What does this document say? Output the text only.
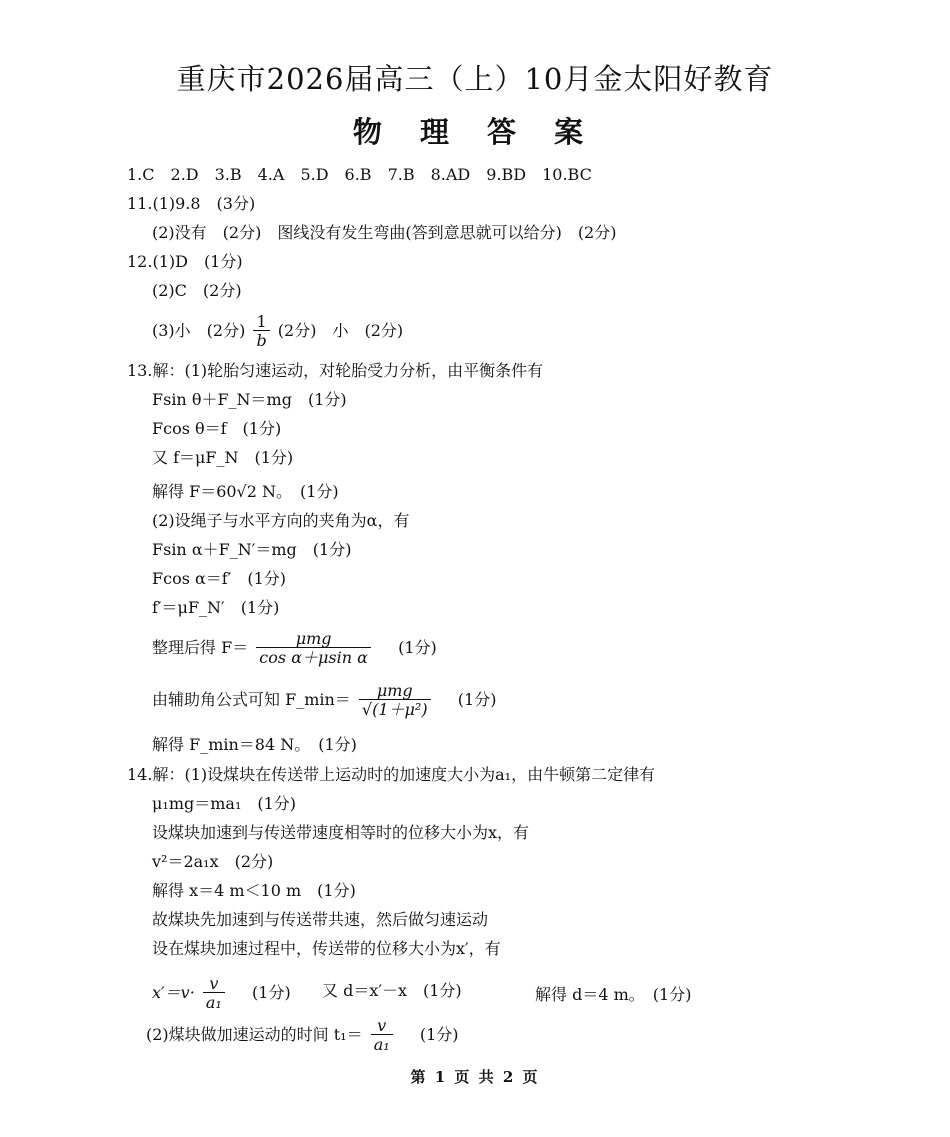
重庆市2026届高三（上）10月金太阳好教育
物 理 答 案
1.C　2.D　3.B　4.A　5.D　6.B　7.B　8.AD　9.BD　10.BC
11.(1)9.8　(3分)
(2)没有　(2分)　图线没有发生弯曲(答到意思就可以给分)　(2分)
12.(1)D　(1分)
(2)C　(2分)
(3)小　(2分) $\frac{1}{b} (2$分)　小　(2分)
13.解：(1)轮胎匀速运动，对轮胎受力分析，由平衡条件有
Fsin θ＋F_N＝mg　(1分)
Fcos θ＝f　(1分)
又 f＝μF_N　(1分)
解得 F＝60√2 N。　(1分)
(2)设绳子与水平方向的夹角为α，有
Fsin α＋F_N′＝mg　(1分)
Fcos α＝f′　(1分)
f′＝μF_N′　(1分)
整理后得 $F= \frac{\text{μmg}}{\text{cos α＋μsin α}} (1$分)
由辅助角公式可知 F_min＝ $\frac{\text{μmg}}{\text{√(1＋μ²)}} (1$分)
解得 F_min＝84 N。　(1分)
14.解：(1)设煤块在传送带上运动时的加速度大小为a₁，由牛顿第二定律有
μ₁mg＝ma₁　(1分)
设煤块加速到与传送带速度相等时的位移大小为x，有
v²＝2a₁x　(2分)
解得 x＝4 m＜10 m　(1分)
故煤块先加速到与传送带共速，然后做匀速运动
设在煤块加速过程中，传送带的位移大小为x′，有
$x'=v\cdot \frac{v}{\text{a₁}} (1$分) 又 d＝x′－x　(1分)	解得 d＝4 m。　(1分)
(2)煤块做加速运动的时间 $t_1= \frac{v}{\text{a₁}} (1$分)
第 1 页 共 2 页
